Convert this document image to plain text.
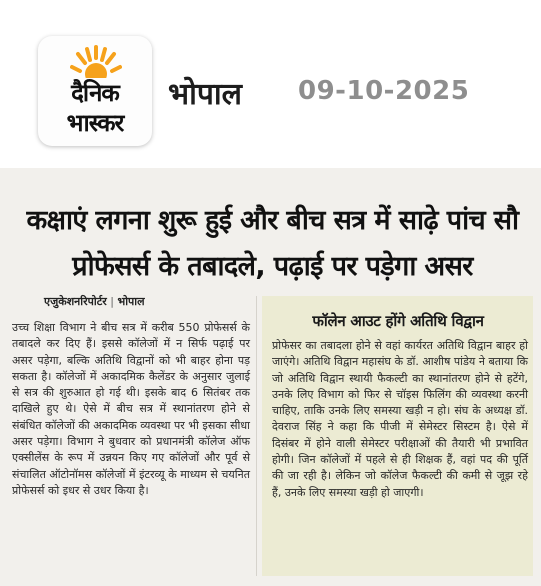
दैनिक
भास्कर
भोपाल 09-10-2025
कक्षाएं लगना शुरू हुई और बीच सत्र में साढ़े पांच सौ प्रोफेसर्स के तबादले, पढ़ाई पर पड़ेगा असर
एजुकेशनरिपोर्टर | भोपाल
उच्च शिक्षा विभाग ने बीच सत्र में करीब 550 प्रोफेसर्स के तबादले कर दिए हैं। इससे कॉलेजों में न सिर्फ पढ़ाई पर असर पड़ेगा, बल्कि अतिथि विद्वानों को भी बाहर होना पड़ सकता है। कॉलेजों में अकादमिक कैलेंडर के अनुसार जुलाई से सत्र की शुरुआत हो गई थी। इसके बाद 6 सितंबर तक दाखिले हुए थे। ऐसे में बीच सत्र में स्थानांतरण होने से संबंधित कॉलेजों की अकादमिक व्यवस्था पर भी इसका सीधा असर पड़ेगा। विभाग ने बुधवार को प्रधानमंत्री कॉलेज ऑफ एक्सीलेंस के रूप में उन्नयन किए गए कॉलेजों और पूर्व से संचालित ऑटोनॉमस कॉलेजों में इंटरव्यू के माध्यम से चयनित प्रोफेसर्स को इधर से उधर किया है।
फॉलेन आउट होंगे अतिथि विद्वान
प्रोफेसर का तबादला होने से वहां कार्यरत अतिथि विद्वान बाहर हो जाएंगे। अतिथि विद्वान महासंघ के डॉ. आशीष पांडेय ने बताया कि जो अतिथि विद्वान स्थायी फैकल्टी का स्थानांतरण होने से हटेंगे, उनके लिए विभाग को फिर से चॉइस फिलिंग की व्यवस्था करनी चाहिए, ताकि उनके लिए समस्या खड़ी न हो। संघ के अध्यक्ष डॉ. देवराज सिंह ने कहा कि पीजी में सेमेस्टर सिस्टम है। ऐसे में दिसंबर में होने वाली सेमेस्टर परीक्षाओं की तैयारी भी प्रभावित होगी। जिन कॉलेजों में पहले से ही शिक्षक हैं, वहां पद की पूर्ति की जा रही है। लेकिन जो कॉलेज फैकल्टी की कमी से जूझ रहे हैं, उनके लिए समस्या खड़ी हो जाएगी।
